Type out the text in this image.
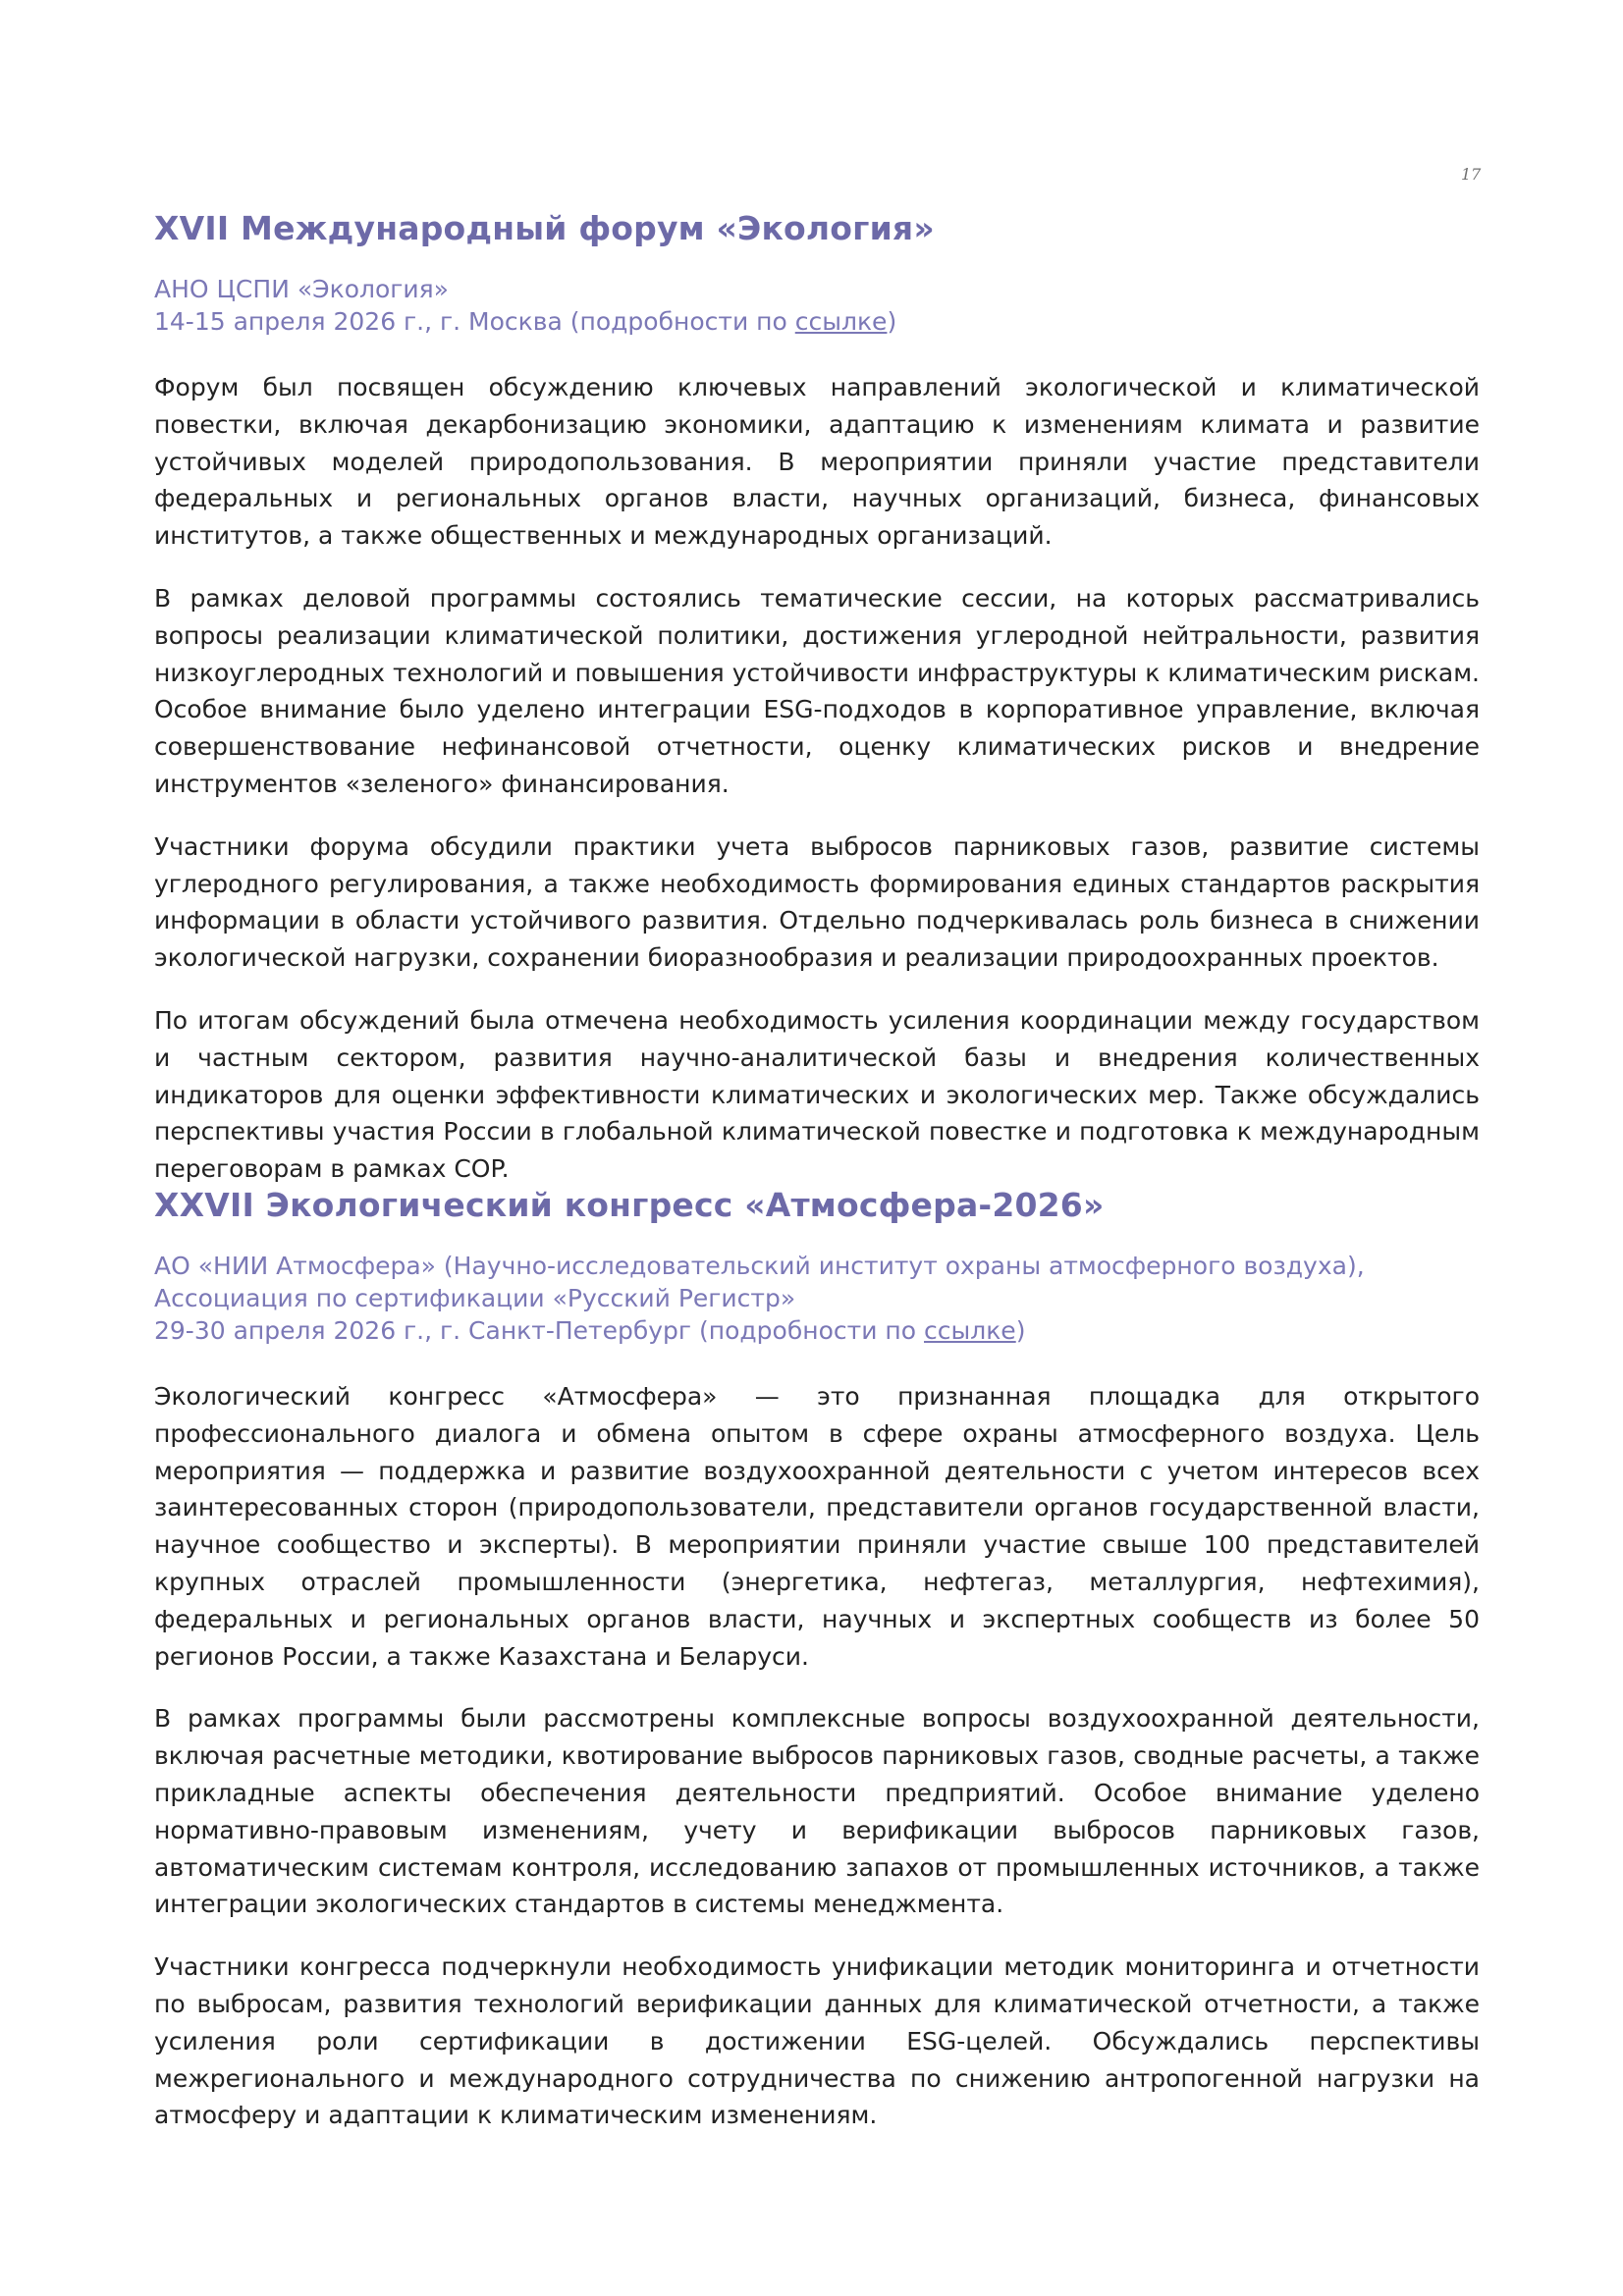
17
XVII Международный форум «Экология»
АНО ЦСПИ «Экология»
14-15 апреля 2026 г., г. Москва (подробности по ссылке)

Форум был посвящен обсуждению ключевых направлений экологической и климатической повестки, включая декарбонизацию экономики, адаптацию к изменениям климата и развитие устойчивых моделей природопользования. В мероприятии приняли участие представители федеральных и региональных органов власти, научных организаций, бизнеса, финансовых институтов, а также общественных и международных организаций.

В рамках деловой программы состоялись тематические сессии, на которых рассматривались вопросы реализации климатической политики, достижения углеродной нейтральности, развития низкоуглеродных технологий и повышения устойчивости инфраструктуры к климатическим рискам. Особое внимание было уделено интеграции ESG-подходов в корпоративное управление, включая совершенствование нефинансовой отчетности, оценку климатических рисков и внедрение инструментов «зеленого» финансирования.

Участники форума обсудили практики учета выбросов парниковых газов, развитие системы углеродного регулирования, а также необходимость формирования единых стандартов раскрытия информации в области устойчивого развития. Отдельно подчеркивалась роль бизнеса в снижении экологической нагрузки, сохранении биоразнообразия и реализации природоохранных проектов.

По итогам обсуждений была отмечена необходимость усиления координации между государством и частным сектором, развития научно-аналитической базы и внедрения количественных индикаторов для оценки эффективности климатических и экологических мер. Также обсуждались перспективы участия России в глобальной климатической повестке и подготовка к международным переговорам в рамках COP.

XXVII Экологический конгресс «Атмосфера-2026»
АО «НИИ Атмосфера» (Научно-исследовательский институт охраны атмосферного воздуха),
Ассоциация по сертификации «Русский Регистр»
29-30 апреля 2026 г., г. Санкт-Петербург (подробности по ссылке)

Экологический конгресс «Атмосфера» — это признанная площадка для открытого профессионального диалога и обмена опытом в сфере охраны атмосферного воздуха. Цель мероприятия — поддержка и развитие воздухоохранной деятельности с учетом интересов всех заинтересованных сторон (природопользователи, представители органов государственной власти, научное сообщество и эксперты). В мероприятии приняли участие свыше 100 представителей крупных отраслей промышленности (энергетика, нефтегаз, металлургия, нефтехимия), федеральных и региональных органов власти, научных и экспертных сообществ из более 50 регионов России, а также Казахстана и Беларуси.

В рамках программы были рассмотрены комплексные вопросы воздухоохранной деятельности, включая расчетные методики, квотирование выбросов парниковых газов, сводные расчеты, а также прикладные аспекты обеспечения деятельности предприятий. Особое внимание уделено нормативно-правовым изменениям, учету и верификации выбросов парниковых газов, автоматическим системам контроля, исследованию запахов от промышленных источников, а также интеграции экологических стандартов в системы менеджмента.

Участники конгресса подчеркнули необходимость унификации методик мониторинга и отчетности по выбросам, развития технологий верификации данных для климатической отчетности, а также усиления роли сертификации в достижении ESG-целей. Обсуждались перспективы межрегионального и международного сотрудничества по снижению антропогенной нагрузки на атмосферу и адаптации к климатическим изменениям.
